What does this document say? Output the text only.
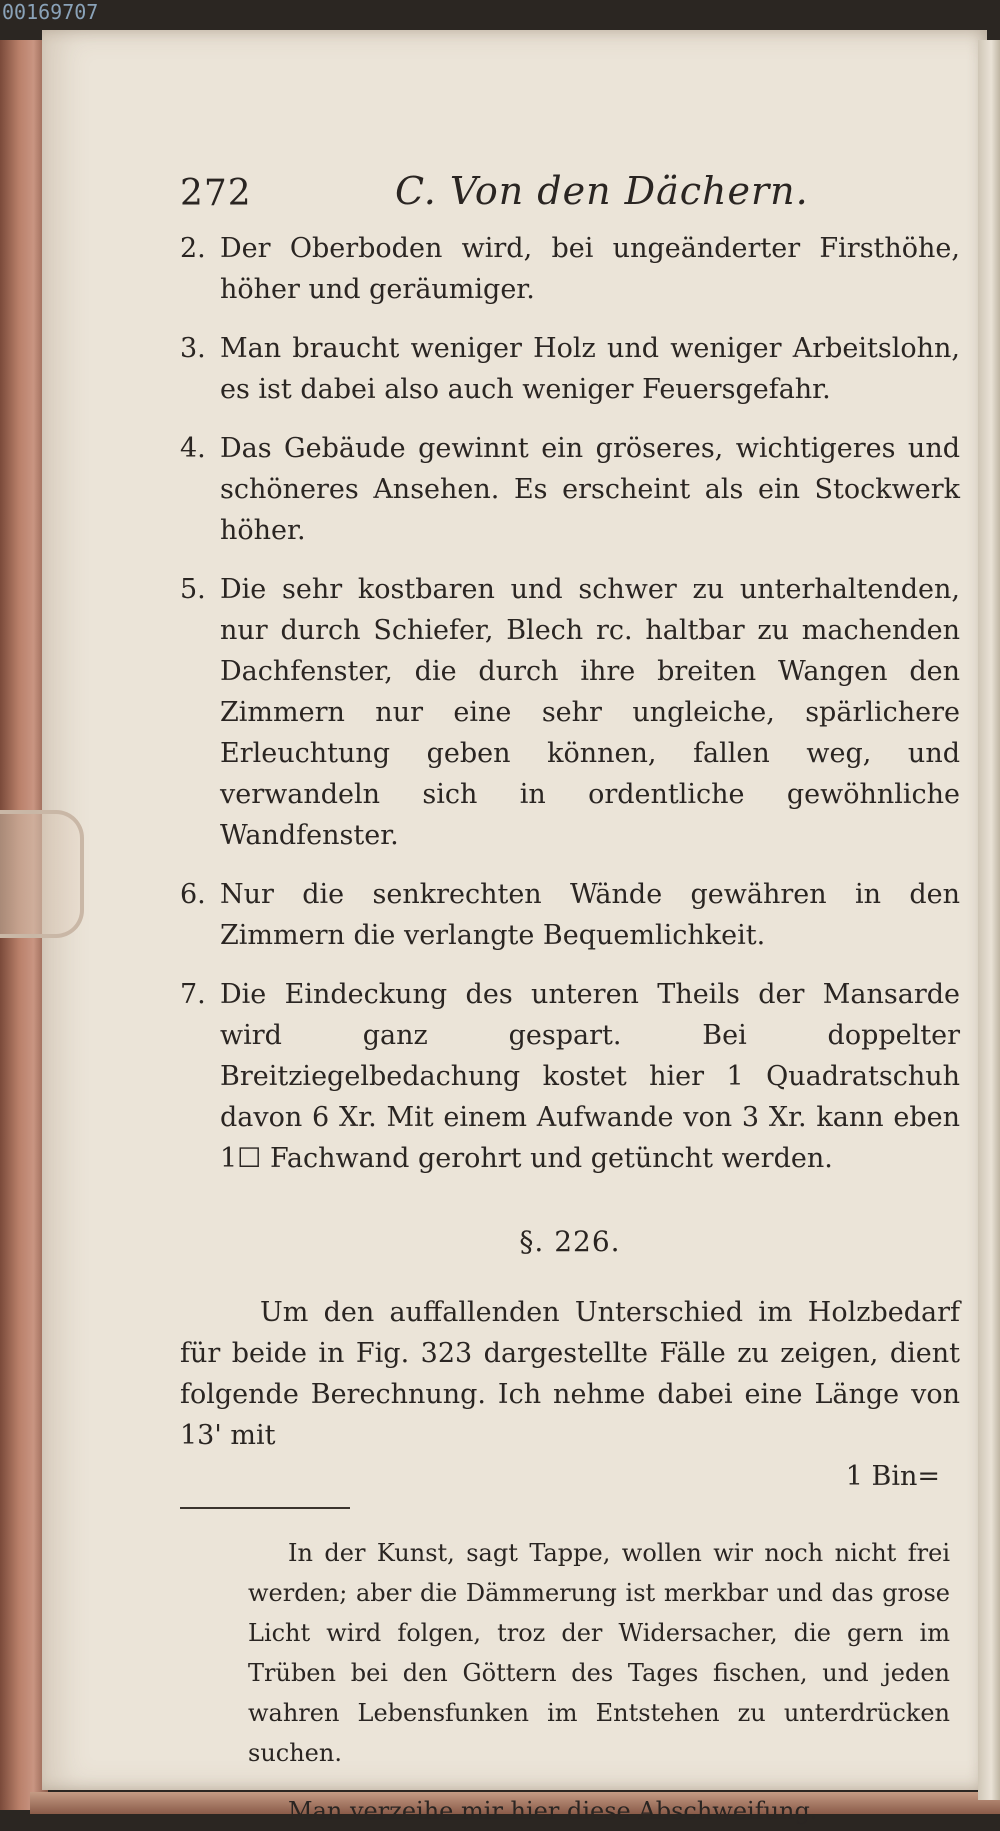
00169707
272	C. Von den Dächern.
2. Der Oberboden wird, bei ungeänderter Firsthöhe, höher und geräumiger.
3. Man braucht weniger Holz und weniger Arbeitslohn, es ist dabei also auch weniger Feuersgefahr.
4. Das Gebäude gewinnt ein gröseres, wichtigeres und schöneres Ansehen. Es erscheint als ein Stockwerk höher.
5. Die sehr kostbaren und schwer zu unterhaltenden, nur durch Schiefer, Blech rc. haltbar zu machenden Dachfenster, die durch ihre breiten Wangen den Zimmern nur eine sehr ungleiche, spärlichere Erleuchtung geben können, fallen weg, und verwandeln sich in ordentliche gewöhnliche Wandfenster.
6. Nur die senkrechten Wände gewähren in den Zimmern die verlangte Bequemlichkeit.
7. Die Eindeckung des unteren Theils der Mansarde wird ganz gespart. Bei doppelter Breitziegelbedachung kostet hier 1 Quadratschuh davon 6 Xr. Mit einem Aufwande von 3 Xr. kann eben 1☐ Fachwand gerohrt und getüncht werden.
§. 226.
Um den auffallenden Unterschied im Holzbedarf für beide in Fig. 323 dargestellte Fälle zu zeigen, dient folgende Berechnung. Ich nehme dabei eine Länge von 13' mit
1 Bin=

In der Kunst, sagt Tappe, wollen wir noch nicht frei werden; aber die Dämmerung ist merkbar und das grose Licht wird folgen, troz der Widersacher, die gern im Trüben bei den Göttern des Tages fischen, und jeden wahren Lebensfunken im Entstehen zu unterdrücken suchen.

Man verzeihe mir hier diese Abschweifung.
